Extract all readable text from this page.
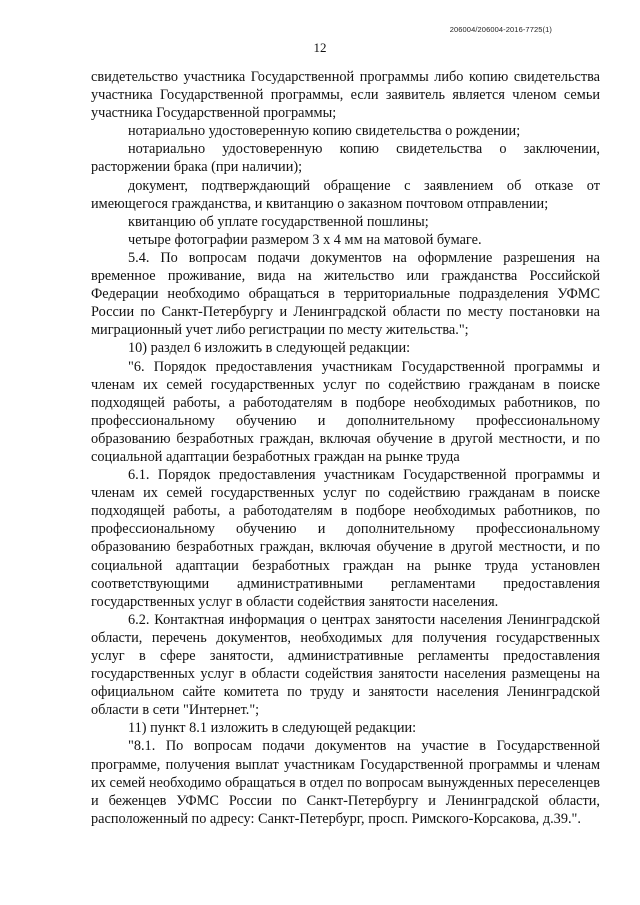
206004/206004-2016-7725(1)
12

свидетельство участника Государственной программы либо копию свидетельства участника Государственной программы, если заявитель является членом семьи участника Государственной программы;

нотариально удостоверенную копию свидетельства о рождении;

нотариально удостоверенную копию свидетельства о заключении, расторжении брака (при наличии);

документ, подтверждающий обращение с заявлением об отказе от имеющегося гражданства, и квитанцию о заказном почтовом отправлении;

квитанцию об уплате государственной пошлины;

четыре фотографии размером 3 х 4 мм на матовой бумаге.

5.4. По вопросам подачи документов на оформление разрешения на временное проживание, вида на жительство или гражданства Российской Федерации необходимо обращаться в территориальные подразделения УФМС России по Санкт-Петербургу и Ленинградской области по месту постановки на миграционный учет либо регистрации по месту жительства.";

10) раздел 6 изложить в следующей редакции:

"6. Порядок предоставления участникам Государственной программы и членам их семей государственных услуг по содействию гражданам в поиске подходящей работы, а работодателям в подборе необходимых работников, по профессиональному обучению и дополнительному профессиональному образованию безработных граждан, включая обучение в другой местности, и по социальной адаптации безработных граждан на рынке труда

6.1. Порядок предоставления участникам Государственной программы и членам их семей государственных услуг по содействию гражданам в поиске подходящей работы, а работодателям в подборе необходимых работников, по профессиональному обучению и дополнительному профессиональному образованию безработных граждан, включая обучение в другой местности, и по социальной адаптации безработных граждан на рынке труда установлен соответствующими административными регламентами предоставления государственных услуг в области содействия занятости населения.

6.2. Контактная информация о центрах занятости населения Ленинградской области, перечень документов, необходимых для получения государственных услуг в сфере занятости, административные регламенты предоставления государственных услуг в области содействия занятости населения размещены на официальном сайте комитета по труду и занятости населения Ленинградской области в сети "Интернет.";

11) пункт 8.1 изложить в следующей редакции:

"8.1. По вопросам подачи документов на участие в Государственной программе, получения выплат участникам Государственной программы и членам их семей необходимо обращаться в отдел по вопросам вынужденных переселенцев и беженцев УФМС России по Санкт-Петербургу и Ленинградской области, расположенный по адресу: Санкт-Петербург, просп. Римского-Корсакова, д.39.".
